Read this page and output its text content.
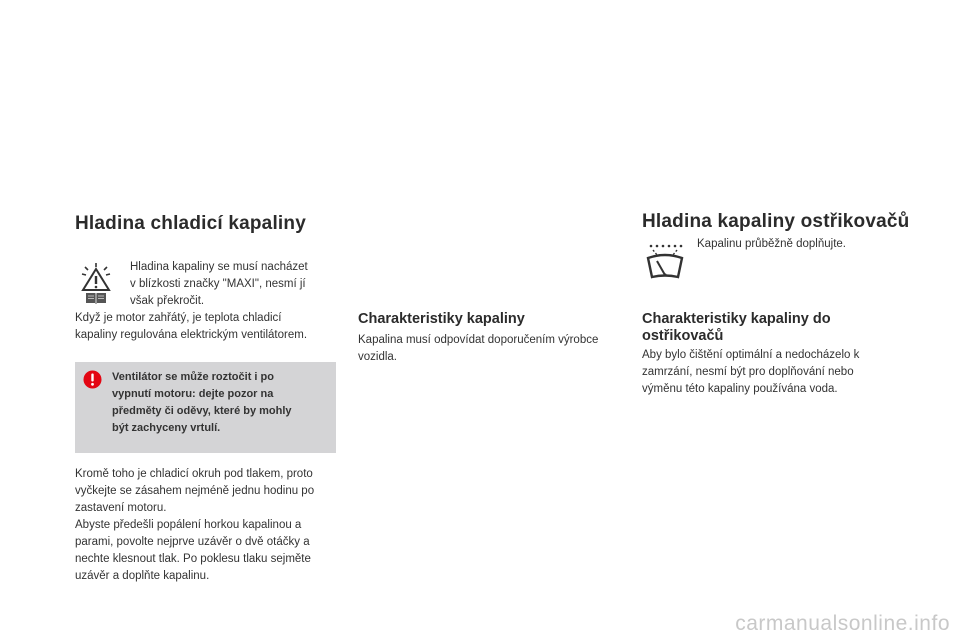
Hladina chladicí kapaliny
Hladina kapaliny se musí nacházet
v blízkosti značky "MAXI", nesmí jí
však překročit.
Když je motor zahřátý, je teplota chladicí
kapaliny regulována elektrickým ventilátorem.
Ventilátor se může roztočit i po
vypnutí motoru: dejte pozor na
předměty či oděvy, které by mohly
být zachyceny vrtulí.
Kromě toho je chladicí okruh pod tlakem, proto
vyčkejte se zásahem nejméně jednu hodinu po
zastavení motoru.
Abyste předešli popálení horkou kapalinou a
parami, povolte nejprve uzávěr o dvě otáčky a
nechte klesnout tlak. Po poklesu tlaku sejměte
uzávěr a doplňte kapalinu.
Charakteristiky kapaliny
Kapalina musí odpovídat doporučením výrobce
vozidla.
Hladina kapaliny ostřikovačů
Kapalinu průběžně doplňujte.
Charakteristiky kapaliny do
ostřikovačů
Aby bylo čištění optimální a nedocházelo k
zamrzání, nesmí být pro doplňování nebo
výměnu této kapaliny používána voda.
carmanualsonline.info
